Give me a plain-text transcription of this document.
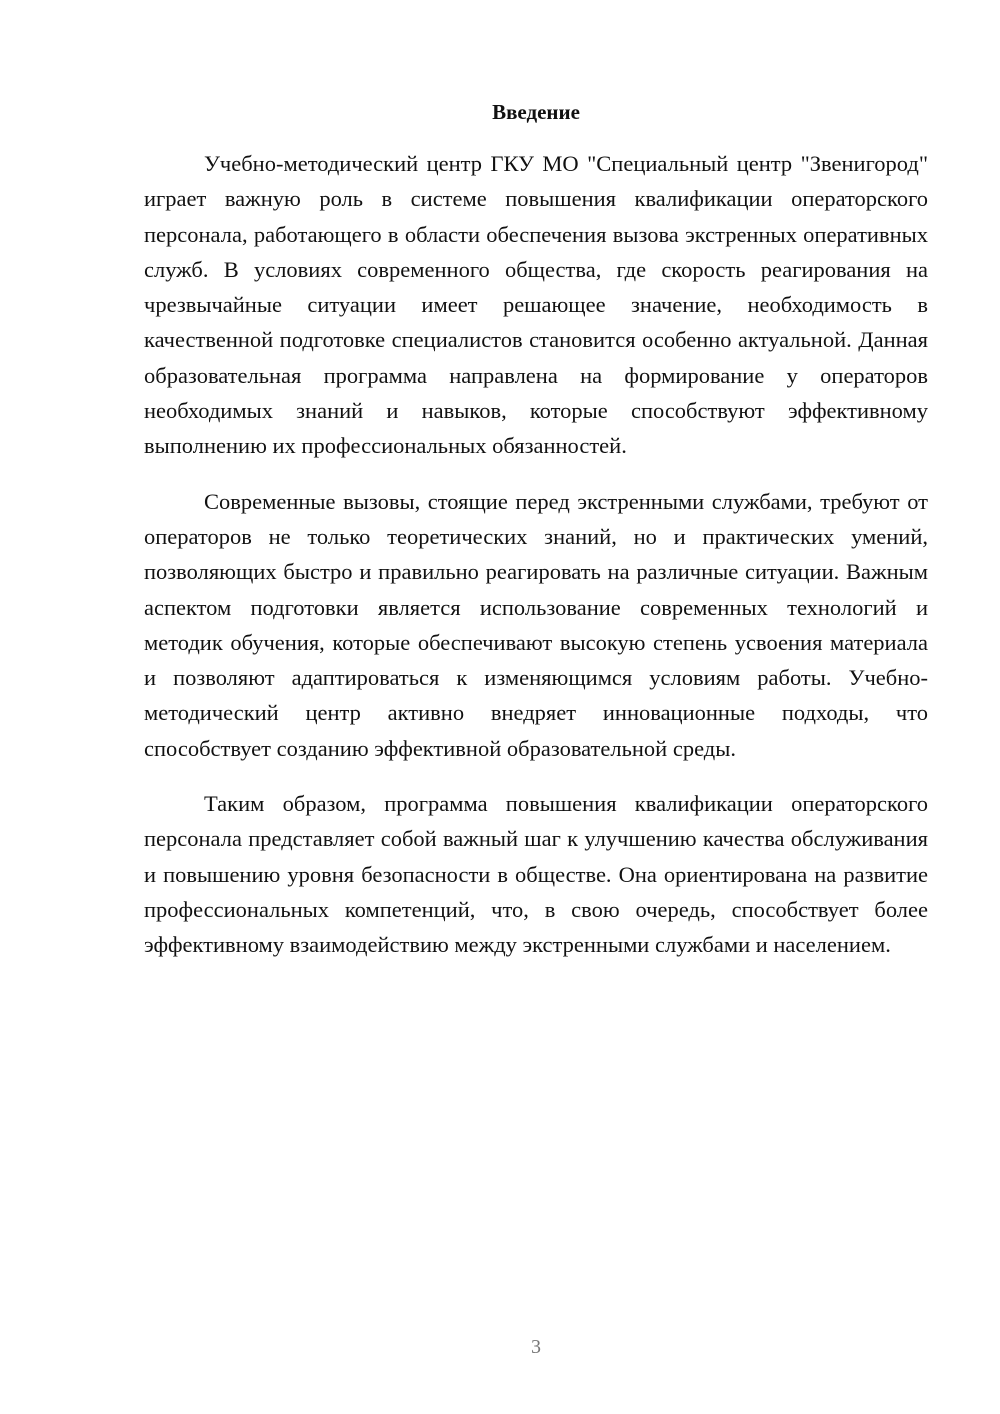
Введение

Учебно-методический центр ГКУ МО "Специальный центр "Звенигород" играет важную роль в системе повышения квалификации операторского персонала, работающего в области обеспечения вызова экстренных оперативных служб. В условиях современного общества, где скорость реагирования на чрезвычайные ситуации имеет решающее значение, необходимость в качественной подготовке специалистов становится особенно актуальной. Данная образовательная программа направлена на формирование у операторов необходимых знаний и навыков, которые способствуют эффективному выполнению их профессиональных обязанностей.

Современные вызовы, стоящие перед экстренными службами, требуют от операторов не только теоретических знаний, но и практических умений, позволяющих быстро и правильно реагировать на различные ситуации. Важным аспектом подготовки является использование современных технологий и методик обучения, которые обеспечивают высокую степень усвоения материала и позволяют адаптироваться к изменяющимся условиям работы. Учебно-методический центр активно внедряет инновационные подходы, что способствует созданию эффективной образовательной среды.

Таким образом, программа повышения квалификации операторского персонала представляет собой важный шаг к улучшению качества обслуживания и повышению уровня безопасности в обществе. Она ориентирована на развитие профессиональных компетенций, что, в свою очередь, способствует более эффективному взаимодействию между экстренными службами и населением.

3
